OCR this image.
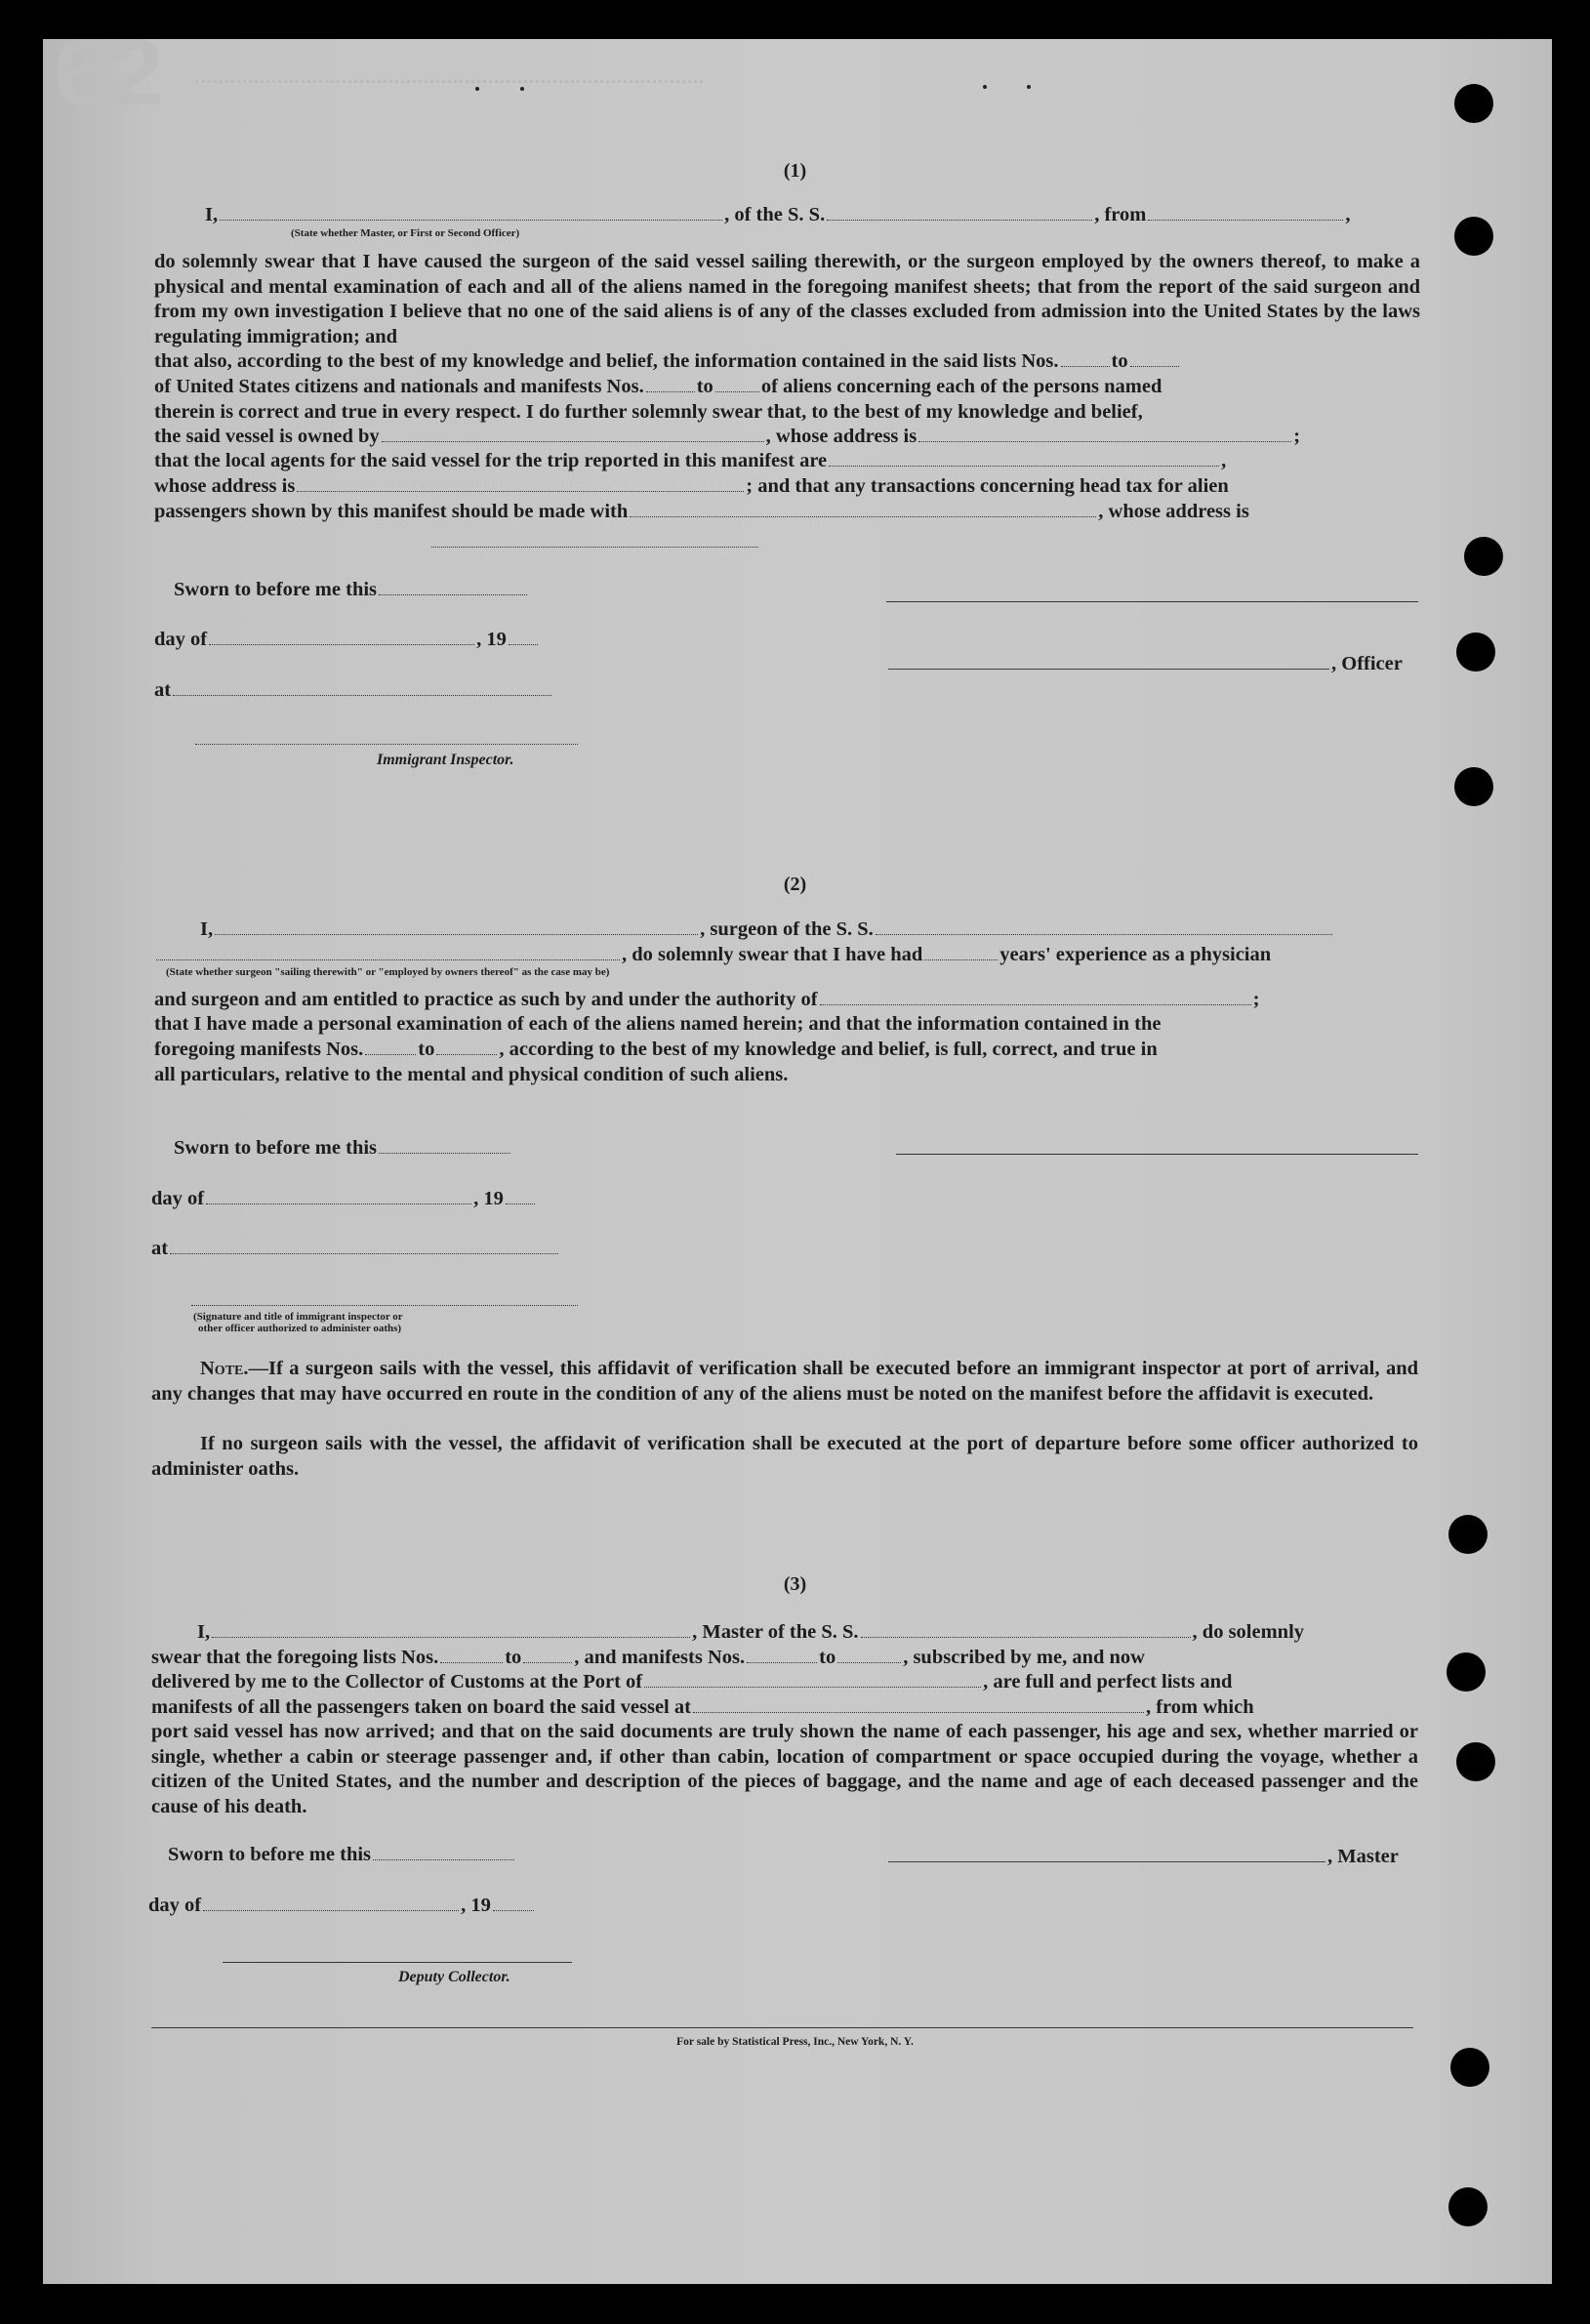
62
(1)
I,	, of the S. S.	, from	,
(State whether Master, or First or Second Officer)
do solemnly swear that I have caused the surgeon of the said vessel sailing therewith, or the surgeon employed by the owners thereof, to make a physical and mental examination of each and all of the aliens named in the foregoing manifest sheets; that from the report of the said surgeon and from my own investigation I believe that no one of the said aliens is of any of the classes excluded from admission into the United States by the laws regulating immigration; and
that also, according to the best of my knowledge and belief, the information contained in the said lists Nos.	to
of United States citizens and nationals and manifests Nos.	to of aliens concerning each of the persons named
therein is correct and true in every respect. I do further solemnly swear that, to the best of my knowledge and belief,
the said vessel is owned by	, whose address is	;
that the local agents for the said vessel for the trip reported in this manifest are	,
whose address is	; and that any transactions concerning head tax for alien
passengers shown by this manifest should be made with	, whose address is
Sworn to before me this
day of	, 19
, Officer
at
Immigrant Inspector.
(2)
I,	, surgeon of the S. S.
, do solemnly swear that I have had	years' experience as a physician
(State whether surgeon "sailing therewith" or "employed by owners thereof" as the case may be)
and surgeon and am entitled to practice as such by and under the authority of	;
that I have made a personal examination of each of the aliens named herein; and that the information contained in the
foregoing manifests Nos.	to	, according to the best of my knowledge and belief, is full, correct, and true in
all particulars, relative to the mental and physical condition of such aliens.
Sworn to before me this
day of	, 19
at
(Signature and title of immigrant inspector or
other officer authorized to administer oaths)
Note.—If a surgeon sails with the vessel, this affidavit of verification shall be executed before an immigrant inspector at port of arrival, and any changes that may have occurred en route in the condition of any of the aliens must be noted on the manifest before the affidavit is executed.
If no surgeon sails with the vessel, the affidavit of verification shall be executed at the port of departure before some officer authorized to administer oaths.
(3)
I,	, Master of the S. S.	, do solemnly
swear that the foregoing lists Nos.	to	, and manifests Nos.	to	, subscribed by me, and now
delivered by me to the Collector of Customs at the Port of	, are full and perfect lists and
manifests of all the passengers taken on board the said vessel at	, from which
port said vessel has now arrived; and that on the said documents are truly shown the name of each passenger, his age and sex, whether married or single, whether a cabin or steerage passenger and, if other than cabin, location of compartment or space occupied during the voyage, whether a citizen of the United States, and the number and description of the pieces of baggage, and the name and age of each deceased passenger and the cause of his death.
Sworn to before me this	, Master
day of	, 19
Deputy Collector.
For sale by Statistical Press, Inc., New York, N. Y.
